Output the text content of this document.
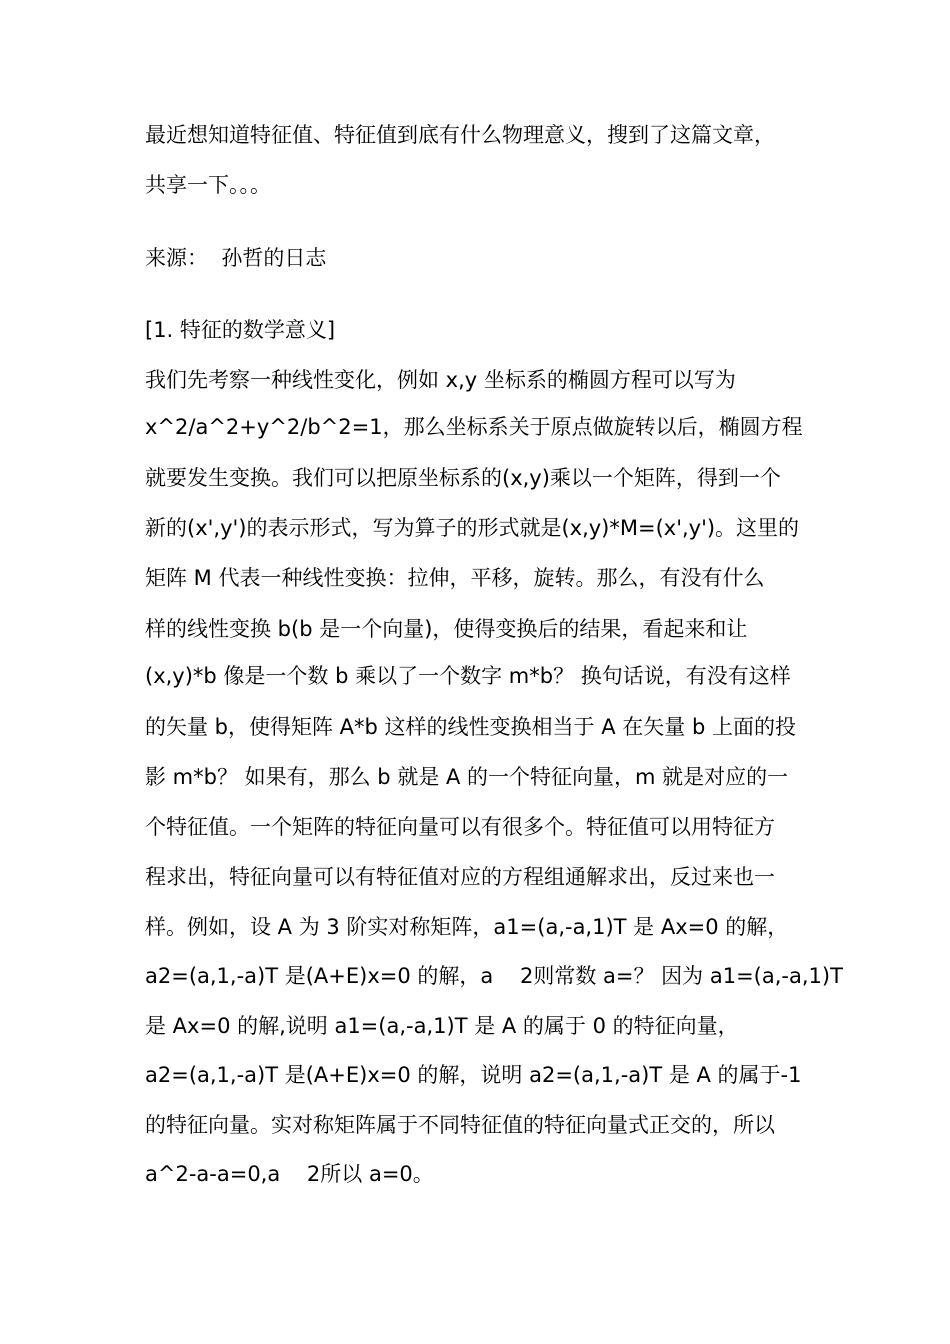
最近想知道特征值、特征值到底有什么物理意义，搜到了这篇文章，
共享一下。。。
来源：  孙哲的日志
[1. 特征的数学意义]
我们先考察一种线性变化，例如 x,y 坐标系的椭圆方程可以写为
x^2/a^2+y^2/b^2=1，那么坐标系关于原点做旋转以后，椭圆方程
就要发生变换。我们可以把原坐标系的(x,y)乘以一个矩阵，得到一个
新的(x',y')的表示形式，写为算子的形式就是(x,y)*M=(x',y')。这里的
矩阵 M 代表一种线性变换：拉伸，平移，旋转。那么，有没有什么
样的线性变换 b(b 是一个向量)，使得变换后的结果，看起来和让
(x,y)*b 像是一个数 b 乘以了一个数字 m*b？ 换句话说，有没有这样
的矢量 b，使得矩阵 A*b 这样的线性变换相当于 A 在矢量 b 上面的投
影 m*b？ 如果有，那么 b 就是 A 的一个特征向量，m 就是对应的一
个特征值。一个矩阵的特征向量可以有很多个。特征值可以用特征方
程求出，特征向量可以有特征值对应的方程组通解求出，反过来也一
样。例如，设 A 为 3 阶实对称矩阵，a1=(a,-a,1)T 是 Ax=0 的解，
a2=(a,1,-a)T 是(A+E)x=0 的解，a    2则常数 a=？ 因为 a1=(a,-a,1)T
是 Ax=0 的解,说明 a1=(a,-a,1)T 是 A 的属于 0 的特征向量，
a2=(a,1,-a)T 是(A+E)x=0 的解，说明 a2=(a,1,-a)T 是 A 的属于-1
的特征向量。实对称矩阵属于不同特征值的特征向量式正交的，所以
a^2-a-a=0,a    2所以 a=0。
